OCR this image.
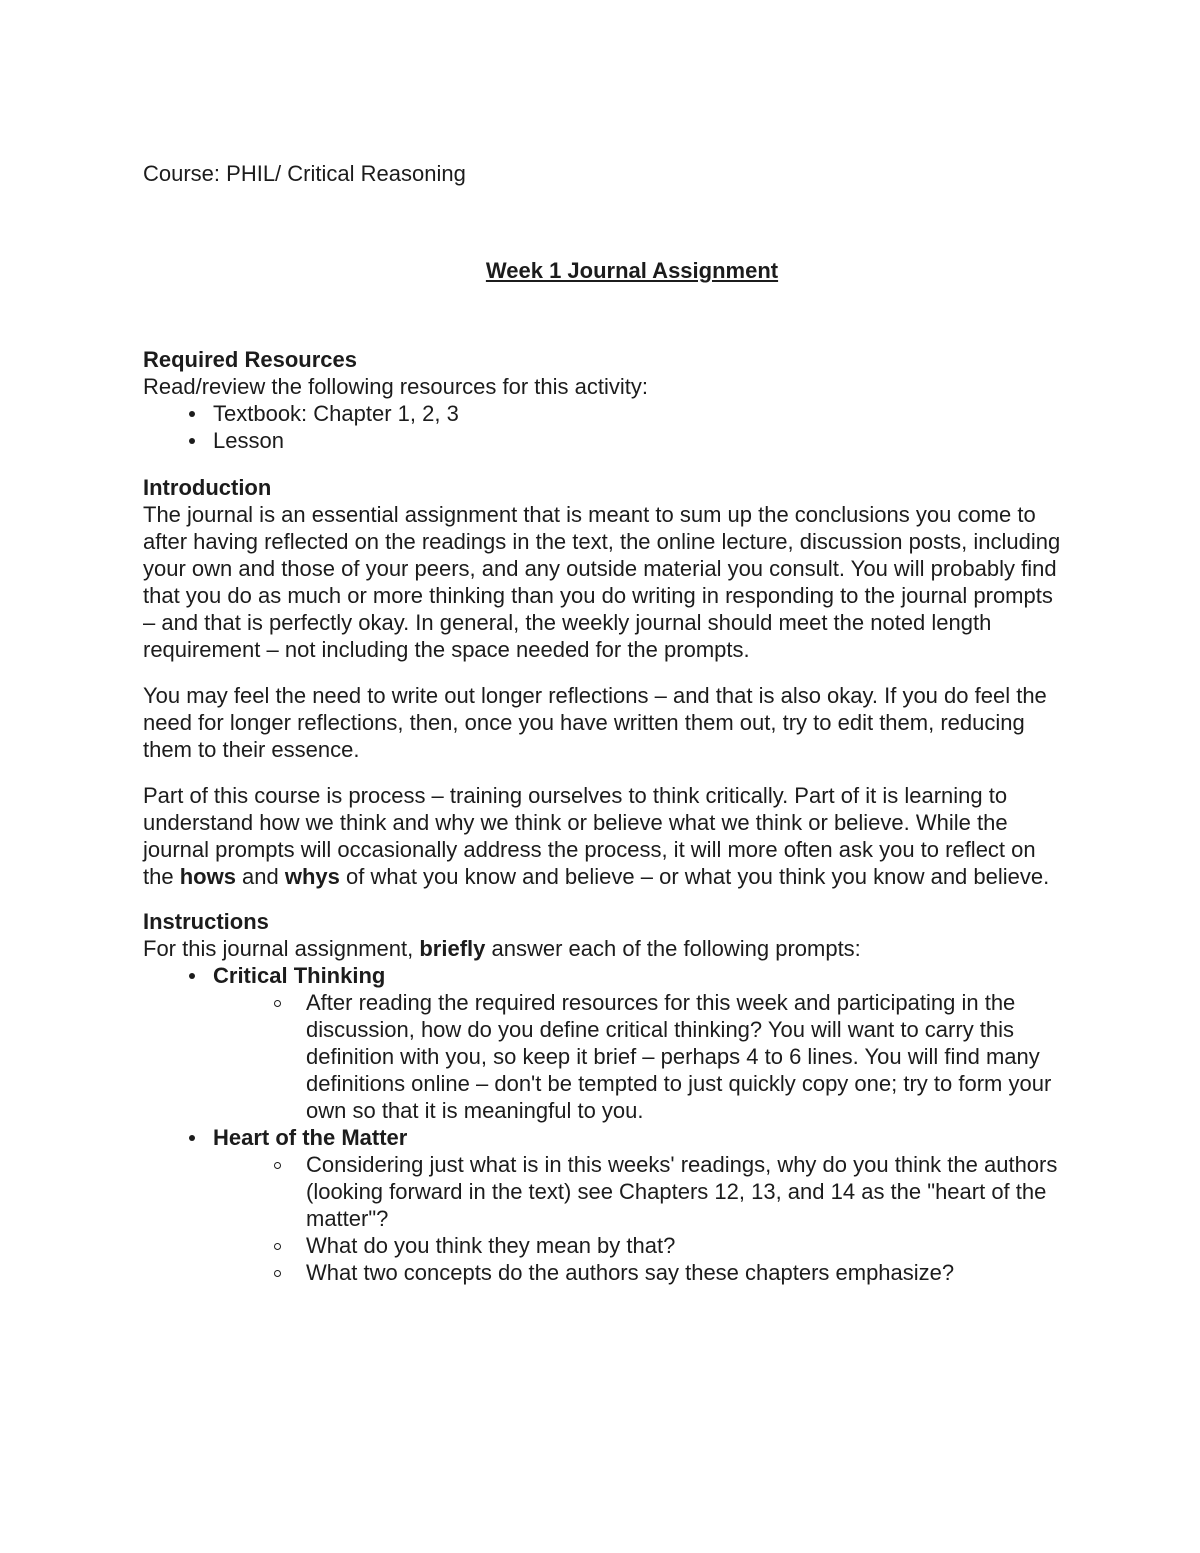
Course: PHIL/ Critical Reasoning

Week 1 Journal Assignment

Required Resources

Read/review the following resources for this activity:

Textbook: Chapter 1, 2, 3
Lesson

Introduction

The journal is an essential assignment that is meant to sum up the conclusions you come to after having reflected on the readings in the text, the online lecture, discussion posts, including your own and those of your peers, and any outside material you consult. You will probably find that you do as much or more thinking than you do writing in responding to the journal prompts – and that is perfectly okay. In general, the weekly journal should meet the noted length requirement – not including the space needed for the prompts.

You may feel the need to write out longer reflections – and that is also okay. If you do feel the need for longer reflections, then, once you have written them out, try to edit them, reducing them to their essence.

Part of this course is process – training ourselves to think critically. Part of it is learning to understand how we think and why we think or believe what we think or believe. While the journal prompts will occasionally address the process, it will more often ask you to reflect on the hows and whys of what you know and believe – or what you think you know and believe.

Instructions

For this journal assignment, briefly answer each of the following prompts:

Critical Thinking
After reading the required resources for this week and participating in the discussion, how do you define critical thinking? You will want to carry this definition with you, so keep it brief – perhaps 4 to 6 lines. You will find many definitions online – don't be tempted to just quickly copy one; try to form your own so that it is meaningful to you.
Heart of the Matter
Considering just what is in this weeks' readings, why do you think the authors (looking forward in the text) see Chapters 12, 13, and 14 as the "heart of the matter"?
What do you think they mean by that?
What two concepts do the authors say these chapters emphasize?
